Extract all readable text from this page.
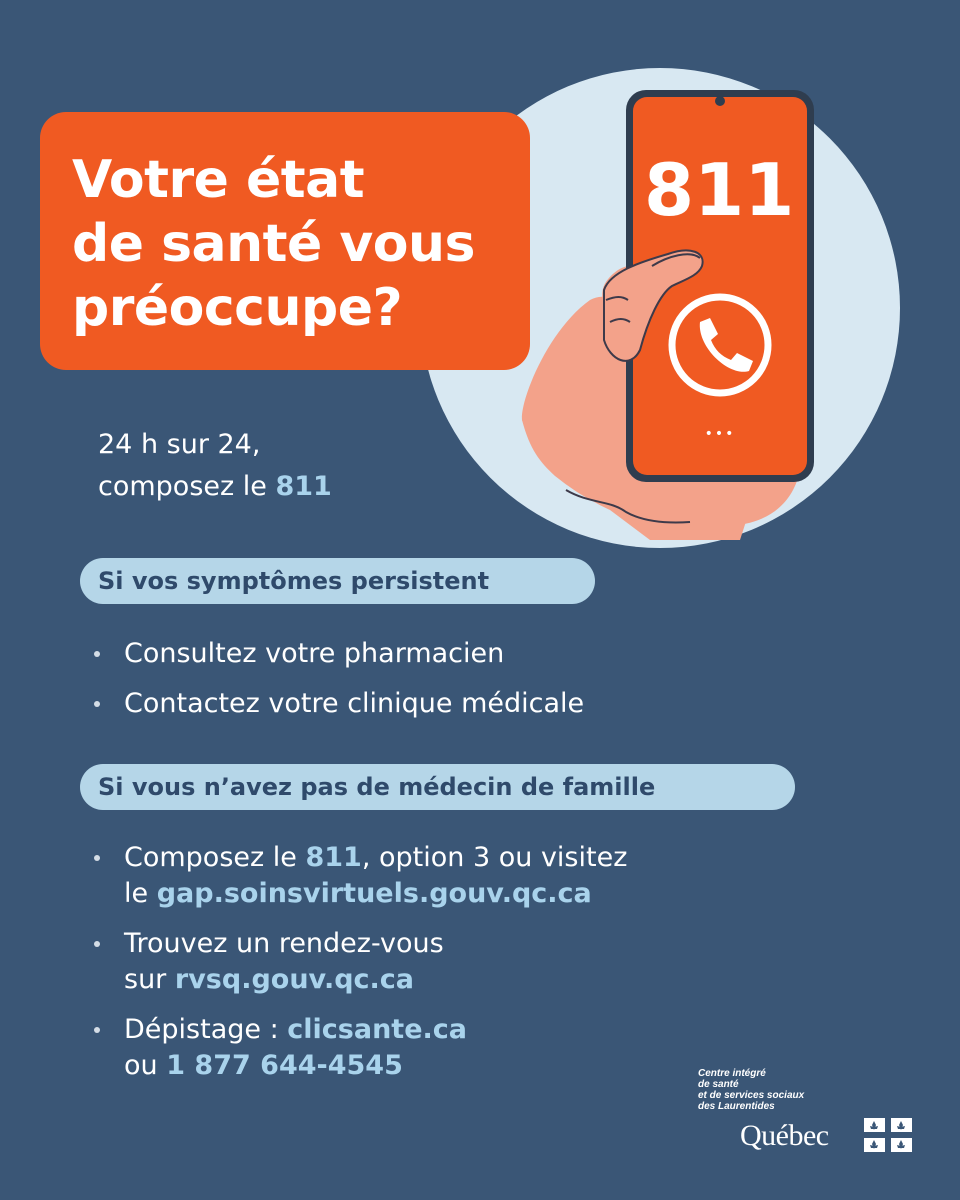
811
•••
Votre état
de santé vous
préoccupe?
24 h sur 24,
composez le 811
Si vos symptômes persistent
Consultez votre pharmacien
Contactez votre clinique médicale
Si vous n’avez pas de médecin de famille
Composez le 811, option 3 ou visitez
le gap.soinsvirtuels.gouv.qc.ca
Trouvez un rendez-vous
sur rvsq.gouv.qc.ca
Dépistage : clicsante.ca
ou 1 877 644-4545	Centre intégré
de santé
et de services sociaux
des Laurentides
Québec
